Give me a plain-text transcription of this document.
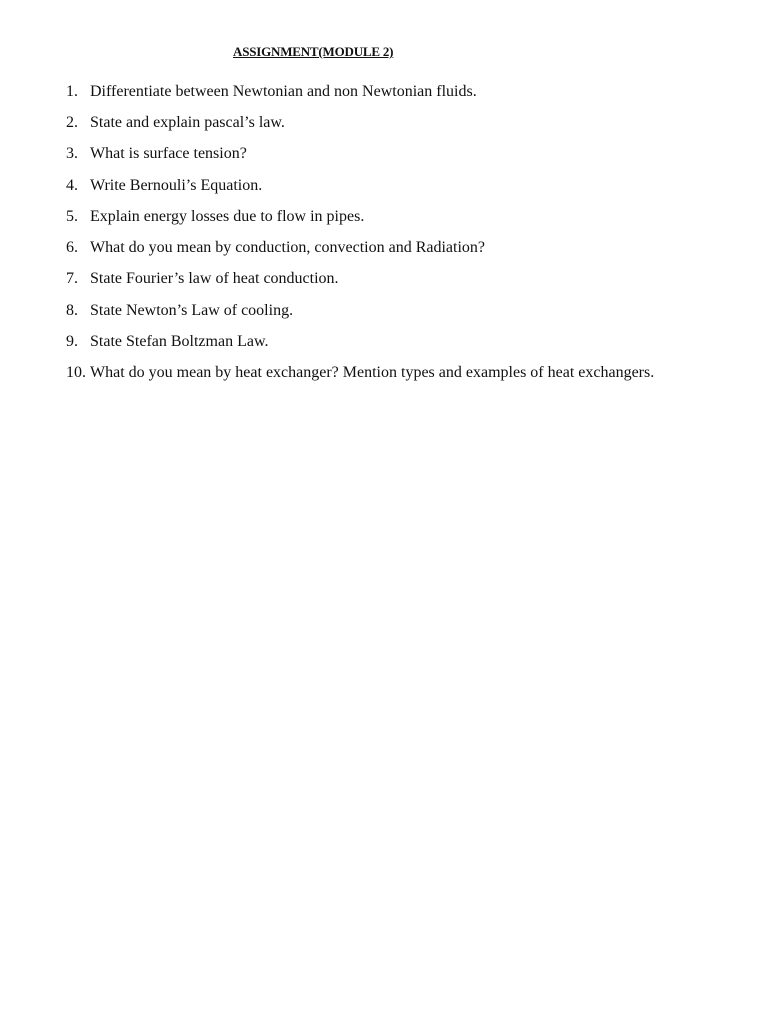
ASSIGNMENT(MODULE 2)
1. Differentiate between Newtonian and non Newtonian fluids.
2. State and explain pascal’s law.
3. What is surface tension?
4. Write Bernouli’s Equation.
5. Explain energy losses due to flow in pipes.
6. What do you mean by conduction, convection and Radiation?
7. State Fourier’s law of heat conduction.
8. State Newton’s Law of cooling.
9. State Stefan Boltzman Law.
10. What do you mean by heat exchanger? Mention types and examples of heat exchangers.
